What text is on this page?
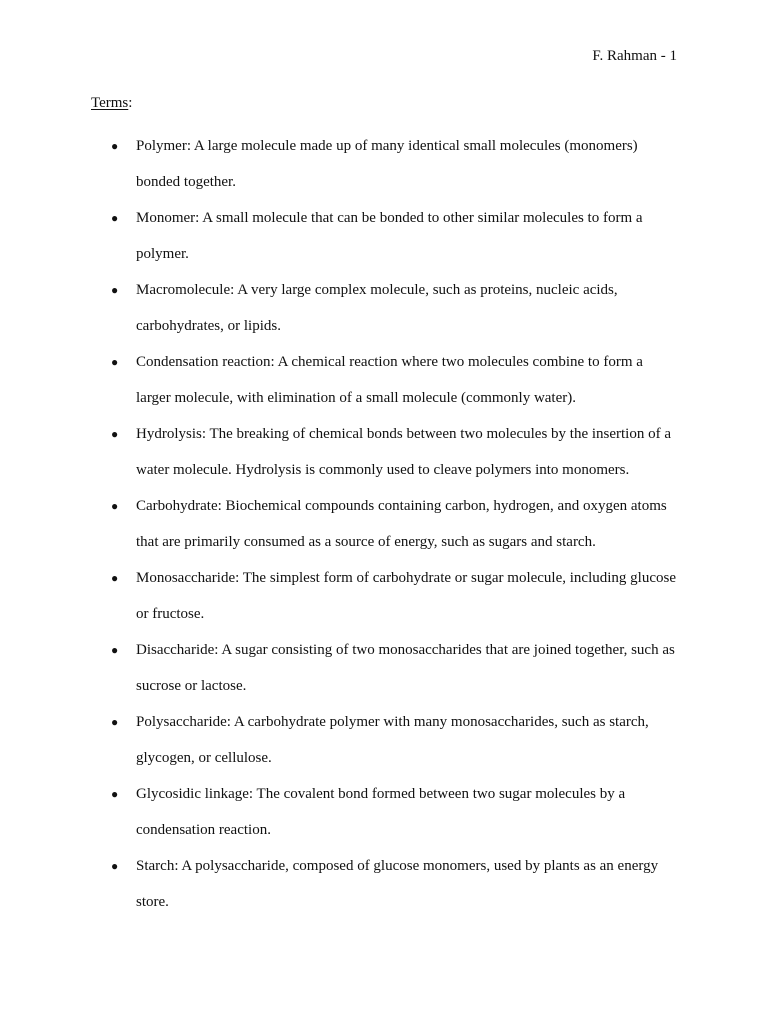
F. Rahman - 1
Terms:
● Polymer: A large molecule made up of many identical small molecules (monomers) bonded together.
● Monomer: A small molecule that can be bonded to other similar molecules to form a polymer.
● Macromolecule: A very large complex molecule, such as proteins, nucleic acids, carbohydrates, or lipids.
● Condensation reaction: A chemical reaction where two molecules combine to form a larger molecule, with elimination of a small molecule (commonly water).
● Hydrolysis: The breaking of chemical bonds between two molecules by the insertion of a water molecule. Hydrolysis is commonly used to cleave polymers into monomers.
● Carbohydrate: Biochemical compounds containing carbon, hydrogen, and oxygen atoms that are primarily consumed as a source of energy, such as sugars and starch.
● Monosaccharide: The simplest form of carbohydrate or sugar molecule, including glucose or fructose.
● Disaccharide: A sugar consisting of two monosaccharides that are joined together, such as sucrose or lactose.
● Polysaccharide: A carbohydrate polymer with many monosaccharides, such as starch, glycogen, or cellulose.
● Glycosidic linkage: The covalent bond formed between two sugar molecules by a condensation reaction.
● Starch: A polysaccharide, composed of glucose monomers, used by plants as an energy store.
